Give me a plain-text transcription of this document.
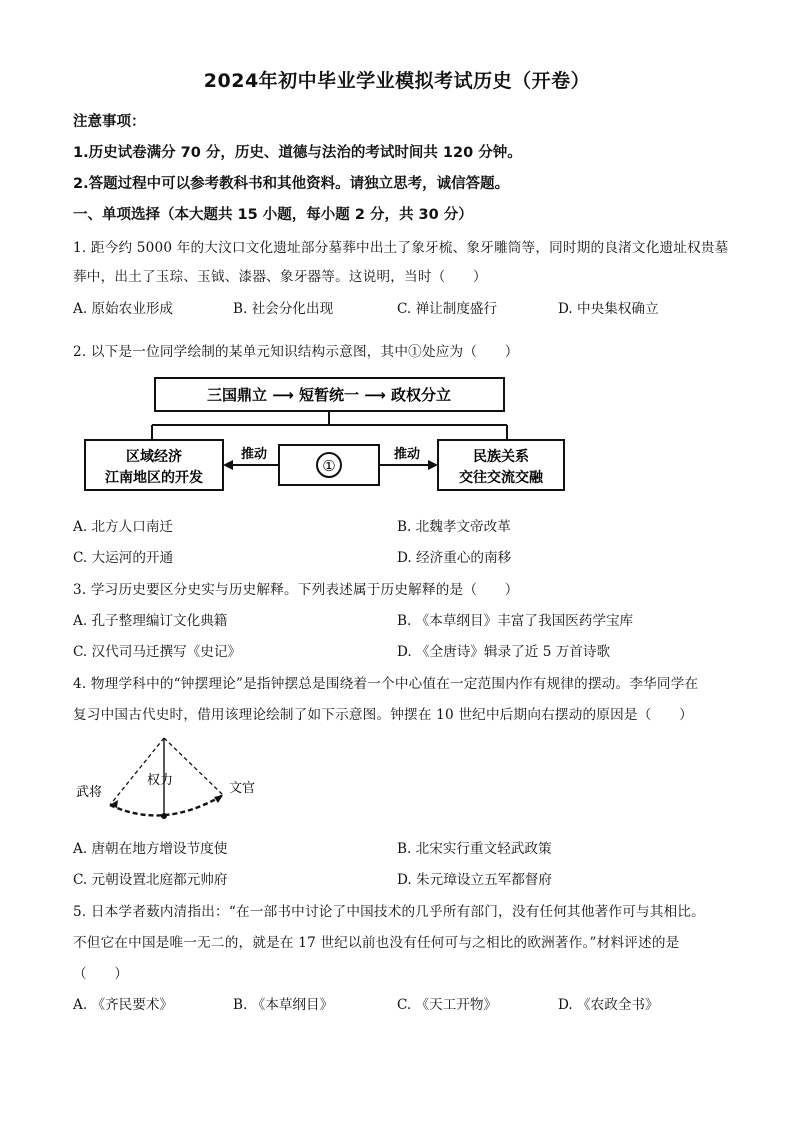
2024年初中毕业学业模拟考试历史（开卷）
注意事项：
1.历史试卷满分 70 分，历史、道德与法治的考试时间共 120 分钟。
2.答题过程中可以参考教科书和其他资料。请独立思考，诚信答题。
一、单项选择（本大题共 15 小题，每小题 2 分，共 30 分）
1. 距今约 5000 年的大汶口文化遗址部分墓葬中出土了象牙梳、象牙雕筒等，同时期的良渚文化遗址权贵墓
葬中，出土了玉琮、玉钺、漆器、象牙器等。这说明，当时（　　）
A. 原始农业形成	B. 社会分化出现	C. 禅让制度盛行	D. 中央集权确立
2. 以下是一位同学绘制的某单元知识结构示意图，其中①处应为（　　）
三国鼎立 ⟶ 短暂统一 ⟶ 政权分立
区域经济
江南地区的开发
①	民族关系
交往交流交融
推动	推动
A. 北方人口南迁	B. 北魏孝文帝改革
C. 大运河的开通	D. 经济重心的南移
3. 学习历史要区分史实与历史解释。下列表述属于历史解释的是（　　）
A. 孔子整理编订文化典籍	B. 《本草纲目》丰富了我国医药学宝库
C. 汉代司马迁撰写《史记》	D. 《全唐诗》辑录了近 5 万首诗歌
4. 物理学科中的“钟摆理论”是指钟摆总是围绕着一个中心值在一定范围内作有规律的摆动。李华同学在
复习中国古代史时，借用该理论绘制了如下示意图。钟摆在 10 世纪中后期向右摆动的原因是（　　）
武将
权力
文官
A. 唐朝在地方增设节度使	B. 北宋实行重文轻武政策
C. 元朝设置北庭都元帅府	D. 朱元璋设立五军都督府
5. 日本学者薮内清指出：“在一部书中讨论了中国技术的几乎所有部门，没有任何其他著作可与其相比。
不但它在中国是唯一无二的，就是在 17 世纪以前也没有任何可与之相比的欧洲著作。”材料评述的是
（　　）
A. 《齐民要术》	B. 《本草纲目》	C. 《天工开物》	D. 《农政全书》
